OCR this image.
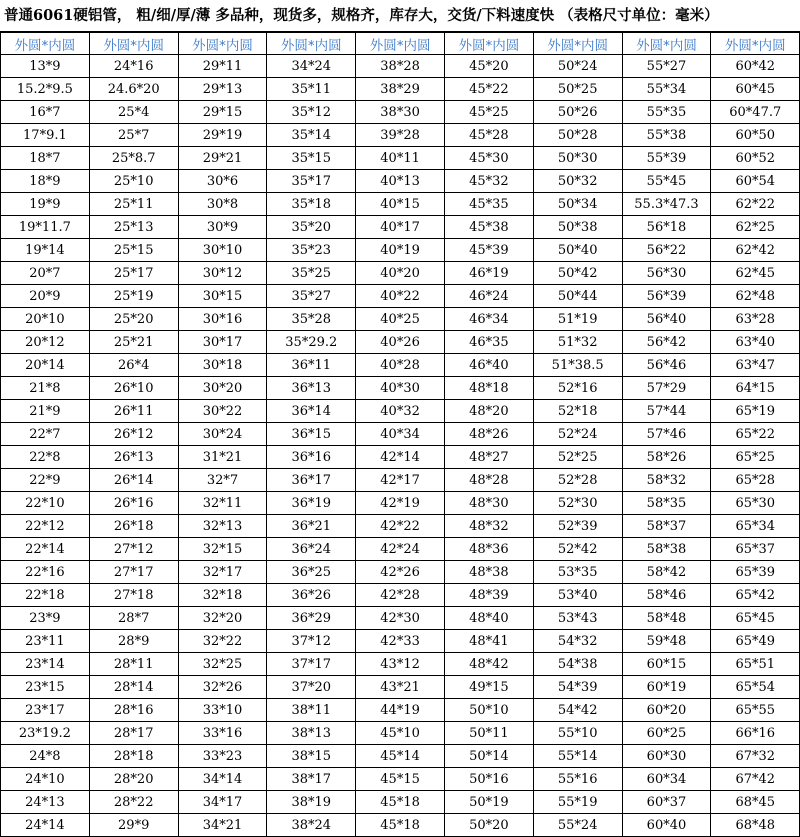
普通6061硬铝管， 粗/细/厚/薄 多品种，现货多，规格齐，库存大，交货/下料速度快 （表格尺寸单位：毫米）
外圆*内圆	外圆*内圆	外圆*内圆	外圆*内圆	外圆*内圆	外圆*内圆	外圆*内圆	外圆*内圆	外圆*内圆
13*9	24*16	29*11	34*24	38*28	45*20	50*24	55*27	60*42
15.2*9.5	24.6*20	29*13	35*11	38*29	45*22	50*25	55*34	60*45
16*7	25*4	29*15	35*12	38*30	45*25	50*26	55*35	60*47.7
17*9.1	25*7	29*19	35*14	39*28	45*28	50*28	55*38	60*50
18*7	25*8.7	29*21	35*15	40*11	45*30	50*30	55*39	60*52
18*9	25*10	30*6	35*17	40*13	45*32	50*32	55*45	60*54
19*9	25*11	30*8	35*18	40*15	45*35	50*34	55.3*47.3	62*22
19*11.7	25*13	30*9	35*20	40*17	45*38	50*38	56*18	62*25
19*14	25*15	30*10	35*23	40*19	45*39	50*40	56*22	62*42
20*7	25*17	30*12	35*25	40*20	46*19	50*42	56*30	62*45
20*9	25*19	30*15	35*27	40*22	46*24	50*44	56*39	62*48
20*10	25*20	30*16	35*28	40*25	46*34	51*19	56*40	63*28
20*12	25*21	30*17	35*29.2	40*26	46*35	51*32	56*42	63*40
20*14	26*4	30*18	36*11	40*28	46*40	51*38.5	56*46	63*47
21*8	26*10	30*20	36*13	40*30	48*18	52*16	57*29	64*15
21*9	26*11	30*22	36*14	40*32	48*20	52*18	57*44	65*19
22*7	26*12	30*24	36*15	40*34	48*26	52*24	57*46	65*22
22*8	26*13	31*21	36*16	42*14	48*27	52*25	58*26	65*25
22*9	26*14	32*7	36*17	42*17	48*28	52*28	58*32	65*28
22*10	26*16	32*11	36*19	42*19	48*30	52*30	58*35	65*30
22*12	26*18	32*13	36*21	42*22	48*32	52*39	58*37	65*34
22*14	27*12	32*15	36*24	42*24	48*36	52*42	58*38	65*37
22*16	27*17	32*17	36*25	42*26	48*38	53*35	58*42	65*39
22*18	27*18	32*18	36*26	42*28	48*39	53*40	58*46	65*42
23*9	28*7	32*20	36*29	42*30	48*40	53*43	58*48	65*45
23*11	28*9	32*22	37*12	42*33	48*41	54*32	59*48	65*49
23*14	28*11	32*25	37*17	43*12	48*42	54*38	60*15	65*51
23*15	28*14	32*26	37*20	43*21	49*15	54*39	60*19	65*54
23*17	28*16	33*10	38*11	44*19	50*10	54*42	60*20	65*55
23*19.2	28*17	33*16	38*13	45*10	50*11	55*10	60*25	66*16
24*8	28*18	33*23	38*15	45*14	50*14	55*14	60*30	67*32
24*10	28*20	34*14	38*17	45*15	50*16	55*16	60*34	67*42
24*13	28*22	34*17	38*19	45*18	50*19	55*19	60*37	68*45
24*14	29*9	34*21	38*24	45*18	50*20	55*24	60*40	68*48
